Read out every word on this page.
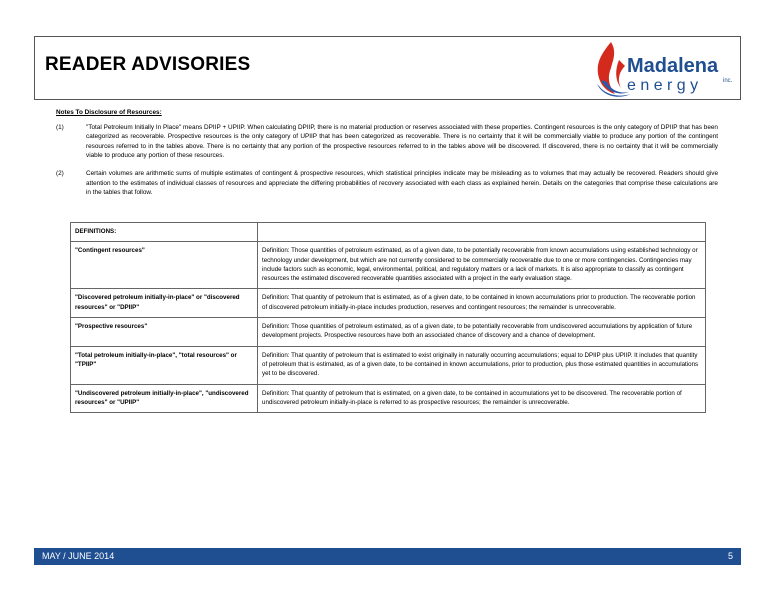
READER ADVISORIES	Madalena
e n e r g y	inc.
Notes To Disclosure of Resources:
(1)	"Total Petroleum Initially In Place" means DPIIP + UPIIP. When calculating DPIIP, there is no material production or reserves associated with these properties. Contingent resources is the only category of DPIIP that has been categorized as recoverable. Prospective resources is the only category of UPIIP that has been categorized as recoverable. There is no certainty that it will be commercially viable to produce any portion of the contingent resources referred to in the tables above. There is no certainty that any portion of the prospective resources referred to in the tables above will be discovered. If discovered, there is no certainty that it will be commercially viable to produce any portion of these resources.
(2)	Certain volumes are arithmetic sums of multiple estimates of contingent & prospective resources, which statistical principles indicate may be misleading as to volumes that may actually be recovered. Readers should give attention to the estimates of individual classes of resources and appreciate the differing probabilities of recovery associated with each class as explained herein. Details on the categories that comprise these calculations are in the tables that follow.
DEFINITIONS:	
"Contingent resources"	Definition: Those quantities of petroleum estimated, as of a given date, to be potentially recoverable from known accumulations using established technology or technology under development, but which are not currently considered to be commercially recoverable due to one or more contingencies. Contingencies may include factors such as economic, legal, environmental, political, and regulatory matters or a lack of markets. It is also appropriate to classify as contingent resources the estimated discovered recoverable quantities associated with a project in the early evaluation stage.
"Discovered petroleum initially-in-place" or "discovered resources" or "DPIIP"	Definition: That quantity of petroleum that is estimated, as of a given date, to be contained in known accumulations prior to production. The recoverable portion of discovered petroleum initially-in-place includes production, reserves and contingent resources; the remainder is unrecoverable.
"Prospective resources"	Definition: Those quantities of petroleum estimated, as of a given date, to be potentially recoverable from undiscovered accumulations by application of future development projects. Prospective resources have both an associated chance of discovery and a chance of development.
"Total petroleum initially-in-place", "total resources" or "TPIIP"	Definition: That quantity of petroleum that is estimated to exist originally in naturally occurring accumulations; equal to DPIIP plus UPIIP. It includes that quantity of petroleum that is estimated, as of a given date, to be contained in known accumulations, prior to production, plus those estimated quantities in accumulations yet to be discovered.
"Undiscovered petroleum initially-in-place", "undiscovered resources" or "UPIIP"	Definition: That quantity of petroleum that is estimated, on a given date, to be contained in accumulations yet to be discovered. The recoverable portion of undiscovered petroleum initially-in-place is referred to as prospective resources; the remainder is unrecoverable.
MAY / JUNE 2014	5
